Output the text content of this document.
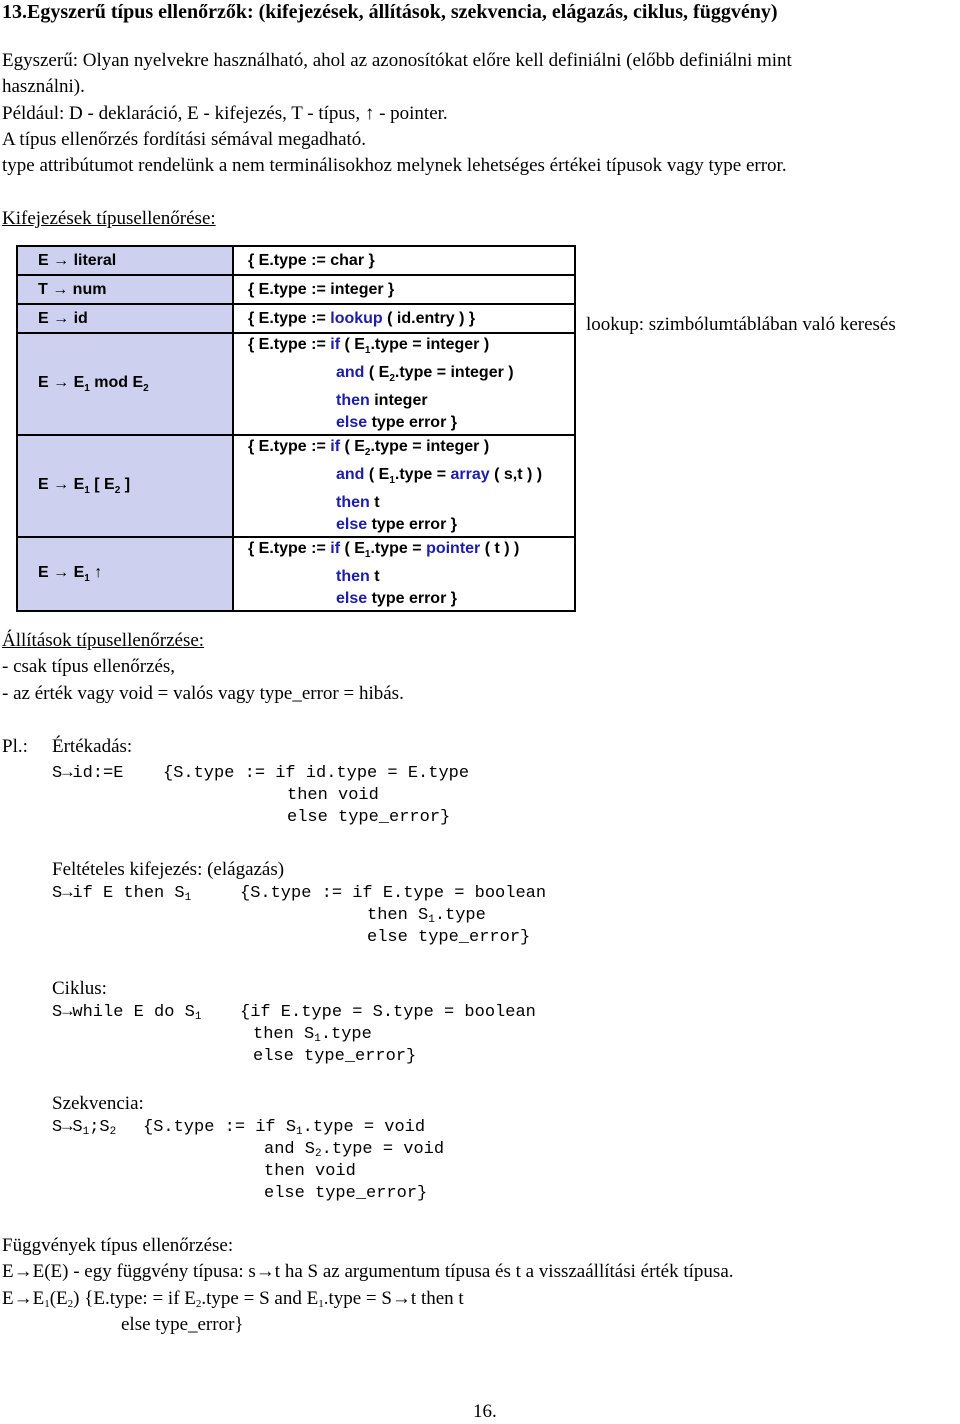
13.Egyszerű típus ellenőrzők: (kifejezések, állítások, szekvencia, elágazás, ciklus, függvény)
Egyszerű: Olyan nyelvekre használható, ahol az azonosítókat előre kell definiálni (előbb definiálni mint
használni).
Például: D - deklaráció, E - kifejezés, T - típus, ↑ - pointer.
A típus ellenőrzés fordítási sémával megadható.
type attribútumot rendelünk a nem terminálisokhoz melynek lehetséges értékei típusok vagy type error.
Kifejezések típusellenőrése:
E → literal	{ E.type := char }
T → num	{ E.type := integer }
E → id	{ E.type := lookup ( id.entry ) }
$E \to E_1$ mod $E_2$	{ E.type := if ( $E_1.type$ = integer )
and ( $E_2.type$ = integer )
then integer
else type error }

$E \to E_1$ [ $E_2$ ]	{ E.type := if ( $E_2.type$ = integer )
and ( $E_1.type$ = array ( s,t ) )
then t
else type error }

$E \to E_1$ ↑	{ E.type := if ( $E_1.type$ = pointer ( t ) )
then t
else type error }
lookup: szimbólumtáblában való keresés
Állítások típusellenőrzése:
- csak típus ellenőrzés,
- az érték vagy void = valós vagy type_error = hibás.
Pl.: Értékadás:
S→id:=E {S.type := if id.type = E.type
then void
else type_error}
Feltételes kifejezés: (elágazás)
S→if E then $S_1$	{S.type := if E.type = boolean
then $S_1.type$
else type_error}
Ciklus:
S→while E do $S_1$ {if E.type = S.type = boolean
then $S_1.type$
else type_error}
Szekvencia:
$S\to S_1;S_2$ {S.type := if $S_1.type$ = void
and $S_2.type$ = void
then void
else type_error}
Függvények típus ellenőrzése:
E→E(E) - egy függvény típusa: s→t ha S az argumentum típusa és t a visszaállítási érték típusa.
$E\to E_1(E_2)$ {E.type: = if $E_2.type = S$ and $E_1.type = S\to t$ then t
else type_error}
16.
